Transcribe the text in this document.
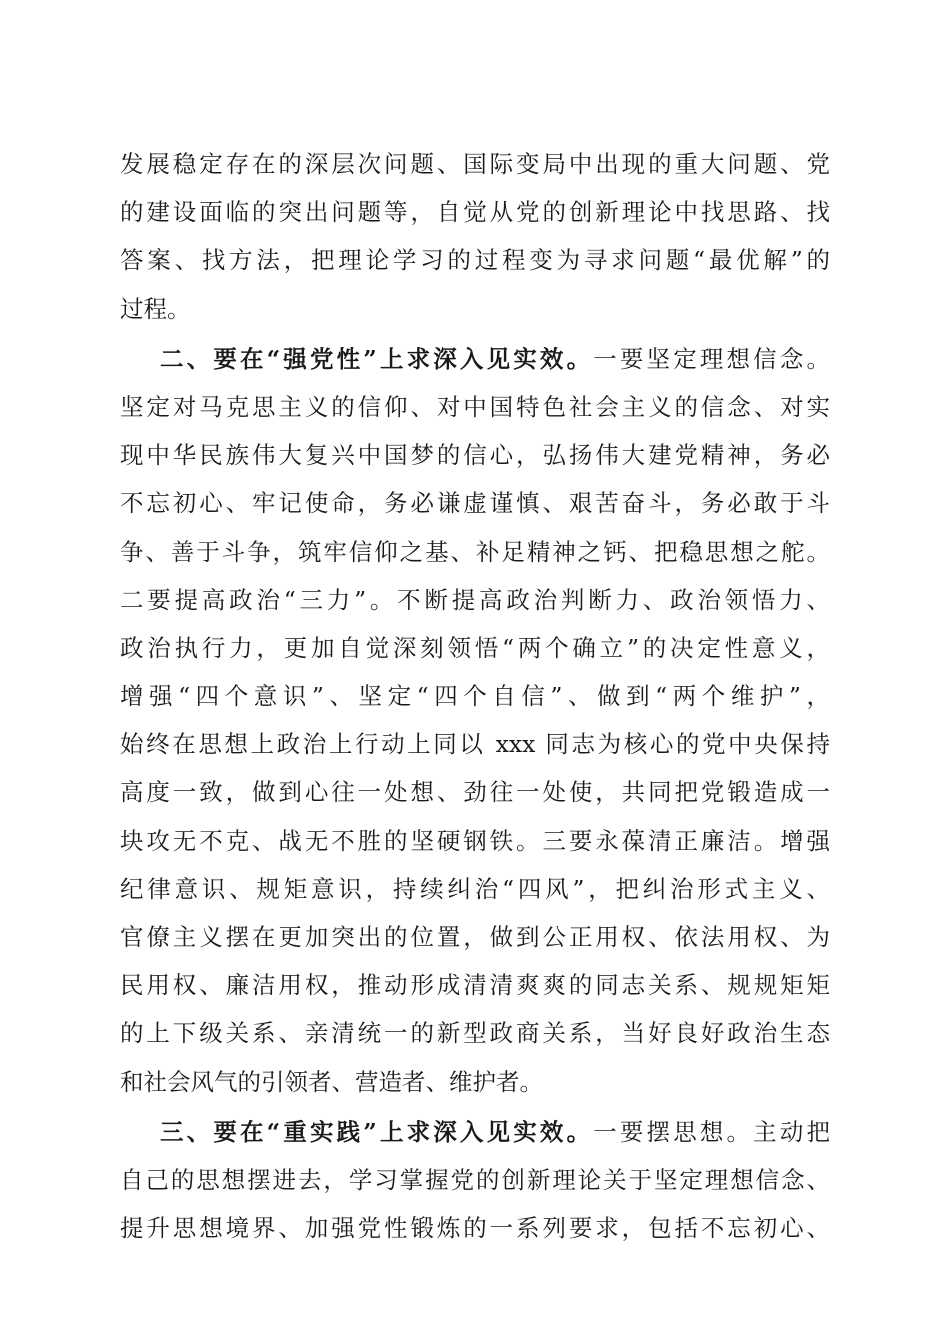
发展稳定存在的深层次问题、国际变局中出现的重大问题、党
的建设面临的突出问题等，自觉从党的创新理论中找思路、找
答案、找方法，把理论学习的过程变为寻求问题“最优解”的
过程。
二、要在“强党性”上求深入见实效。一要坚定理想信念。
坚定对马克思主义的信仰、对中国特色社会主义的信念、对实
现中华民族伟大复兴中国梦的信心，弘扬伟大建党精神，务必
不忘初心、牢记使命，务必谦虚谨慎、艰苦奋斗，务必敢于斗
争、善于斗争，筑牢信仰之基、补足精神之钙、把稳思想之舵。
二要提高政治“三力”。不断提高政治判断力、政治领悟力、
政治执行力，更加自觉深刻领悟“两个确立”的决定性意义，
增强“四个意识”、坚定“四个自信”、做到“两个维护”，
始终在思想上政治上行动上同以 xxx 同志为核心的党中央保持
高度一致，做到心往一处想、劲往一处使，共同把党锻造成一
块攻无不克、战无不胜的坚硬钢铁。三要永葆清正廉洁。增强
纪律意识、规矩意识，持续纠治“四风”，把纠治形式主义、
官僚主义摆在更加突出的位置，做到公正用权、依法用权、为
民用权、廉洁用权，推动形成清清爽爽的同志关系、规规矩矩
的上下级关系、亲清统一的新型政商关系，当好良好政治生态
和社会风气的引领者、营造者、维护者。
三、要在“重实践”上求深入见实效。一要摆思想。主动把
自己的思想摆进去，学习掌握党的创新理论关于坚定理想信念、
提升思想境界、加强党性锻炼的一系列要求，包括不忘初心、
